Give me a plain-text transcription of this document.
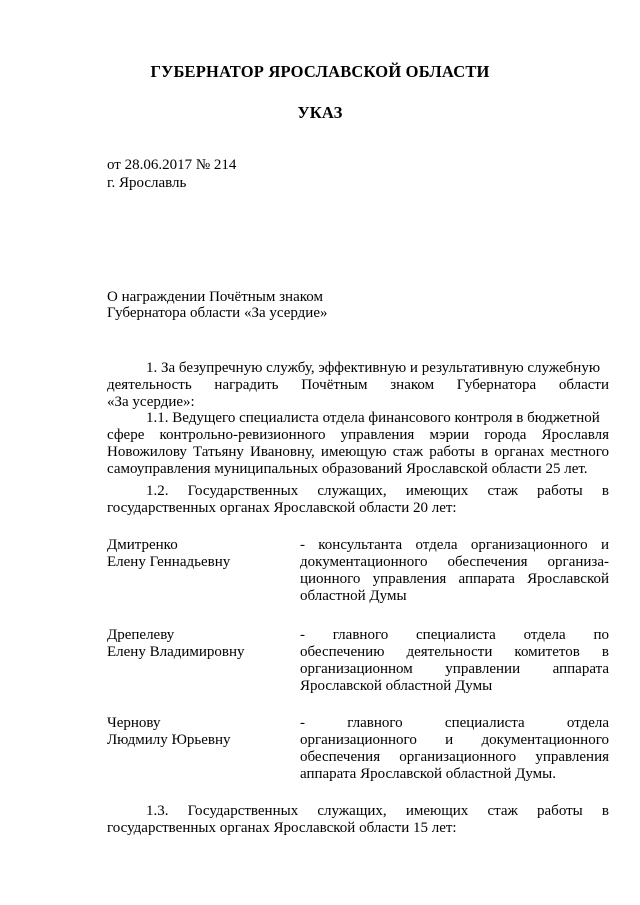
ГУБЕРНАТОР ЯРОСЛАВСКОЙ ОБЛАСТИ
УКАЗ
от 28.06.2017 № 214
г. Ярославль
О награждении Почётным знаком
Губернатора области «За усердие»
1. За безупречную службу, эффективную и результативную служебную
деятельность наградить Почётным знаком Губернатора области
«За усердие»:
1.1. Ведущего специалиста отдела финансового контроля в бюджетной
сфере контрольно-ревизионного управления мэрии города Ярославля
Новожилову Татьяну Ивановну, имеющую стаж работы в органах местного
самоуправления муниципальных образований Ярославской области 25 лет.
1.2. Государственных служащих, имеющих стаж работы в
государственных органах Ярославской области 20 лет:
Дмитренко
Елену Геннадьевну
- консультанта отдела организационного и
документационного обеспечения организа-
ционного управления аппарата Ярославской
областной Думы
Дрепелеву
Елену Владимировну
- главного специалиста отдела по
обеспечению деятельности комитетов в
организационном управлении аппарата
Ярославской областной Думы
Чернову
Людмилу Юрьевну
- главного специалиста отдела
организационного и документационного
обеспечения организационного управления
аппарата Ярославской областной Думы.
1.3. Государственных служащих, имеющих стаж работы в
государственных органах Ярославской области 15 лет:
